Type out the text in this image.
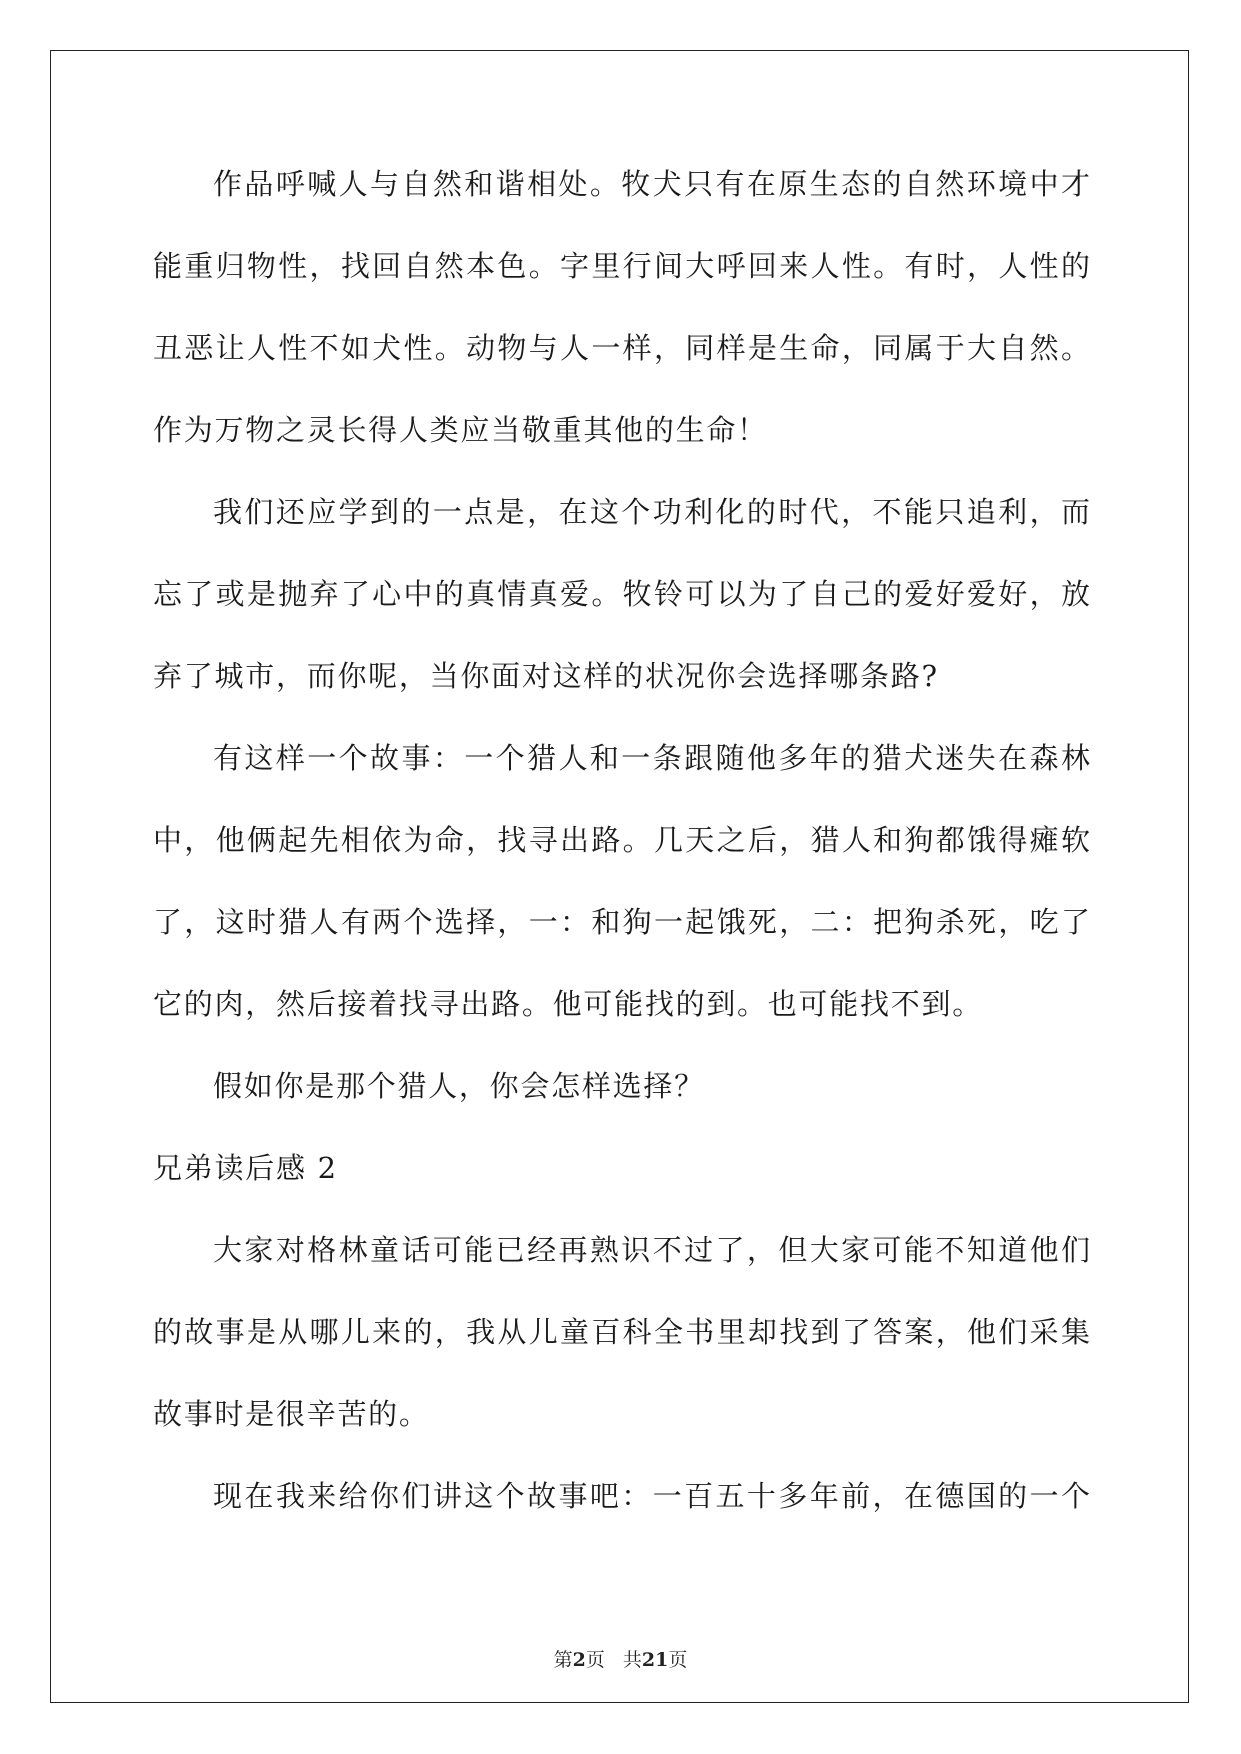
作品呼喊人与自然和谐相处。牧犬只有在原生态的自然环境中才
能重归物性，找回自然本色。字里行间大呼回来人性。有时，人性的
丑恶让人性不如犬性。动物与人一样，同样是生命，同属于大自然。
作为万物之灵长得人类应当敬重其他的生命！
我们还应学到的一点是，在这个功利化的时代，不能只追利，而
忘了或是抛弃了心中的真情真爱。牧铃可以为了自己的爱好爱好，放
弃了城市，而你呢，当你面对这样的状况你会选择哪条路?
有这样一个故事：一个猎人和一条跟随他多年的猎犬迷失在森林
中，他俩起先相依为命，找寻出路。几天之后，猎人和狗都饿得瘫软
了，这时猎人有两个选择，一：和狗一起饿死，二：把狗杀死，吃了
它的肉，然后接着找寻出路。他可能找的到。也可能找不到。
假如你是那个猎人，你会怎样选择？
兄弟读后感 2
大家对格林童话可能已经再熟识不过了，但大家可能不知道他们
的故事是从哪儿来的，我从儿童百科全书里却找到了答案，他们采集
故事时是很辛苦的。
现在我来给你们讲这个故事吧：一百五十多年前，在德国的一个
第2页 共21页
